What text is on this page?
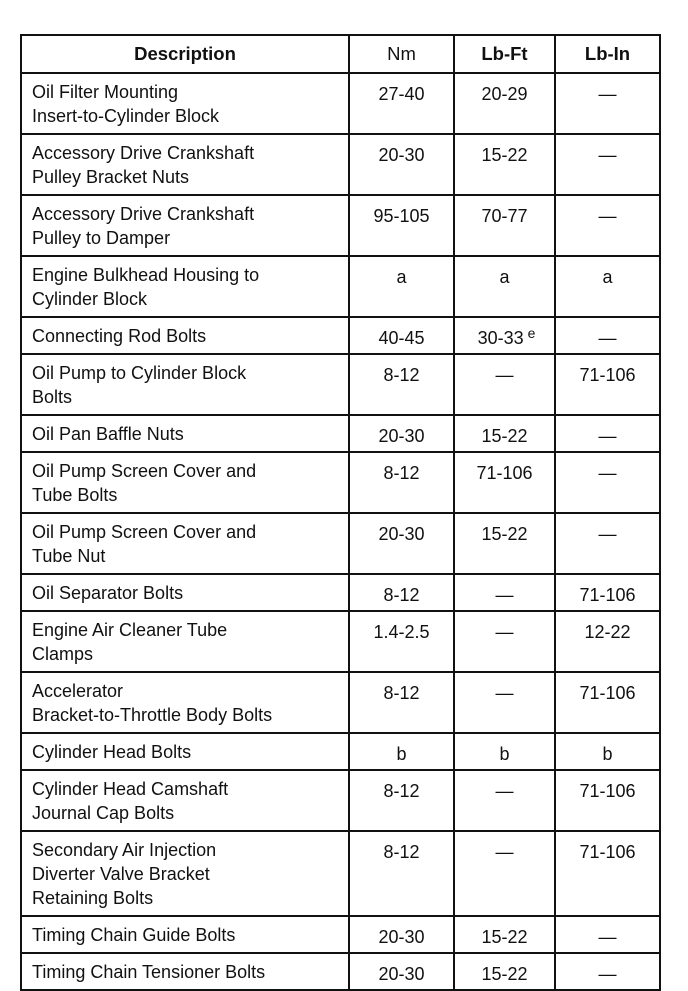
Description	Nm	Lb-Ft	Lb-In

Oil Filter Mounting
Insert-to-Cylinder Block	27-40	20-29	—

Accessory Drive Crankshaft
Pulley Bracket Nuts	20-30	15-22	—

Accessory Drive Crankshaft
Pulley to Damper	95-105	70-77	—

Engine Bulkhead Housing to
Cylinder Block	a	a	a

Connecting Rod Bolts	40-45	30-33 $^e$	—

Oil Pump to Cylinder Block
Bolts	8-12	—	71-106

Oil Pan Baffle Nuts	20-30	15-22	—

Oil Pump Screen Cover and
Tube Bolts	8-12	71-106	—

Oil Pump Screen Cover and
Tube Nut	20-30	15-22	—

Oil Separator Bolts	8-12	—	71-106

Engine Air Cleaner Tube
Clamps	1.4-2.5	—	12-22

Accelerator
Bracket-to-Throttle Body Bolts	8-12	—	71-106

Cylinder Head Bolts	b	b	b

Cylinder Head Camshaft
Journal Cap Bolts	8-12	—	71-106

Secondary Air Injection
Diverter Valve Bracket
Retaining Bolts	8-12	—	71-106

Timing Chain Guide Bolts	20-30	15-22	—

Timing Chain Tensioner Bolts	20-30	15-22	—
